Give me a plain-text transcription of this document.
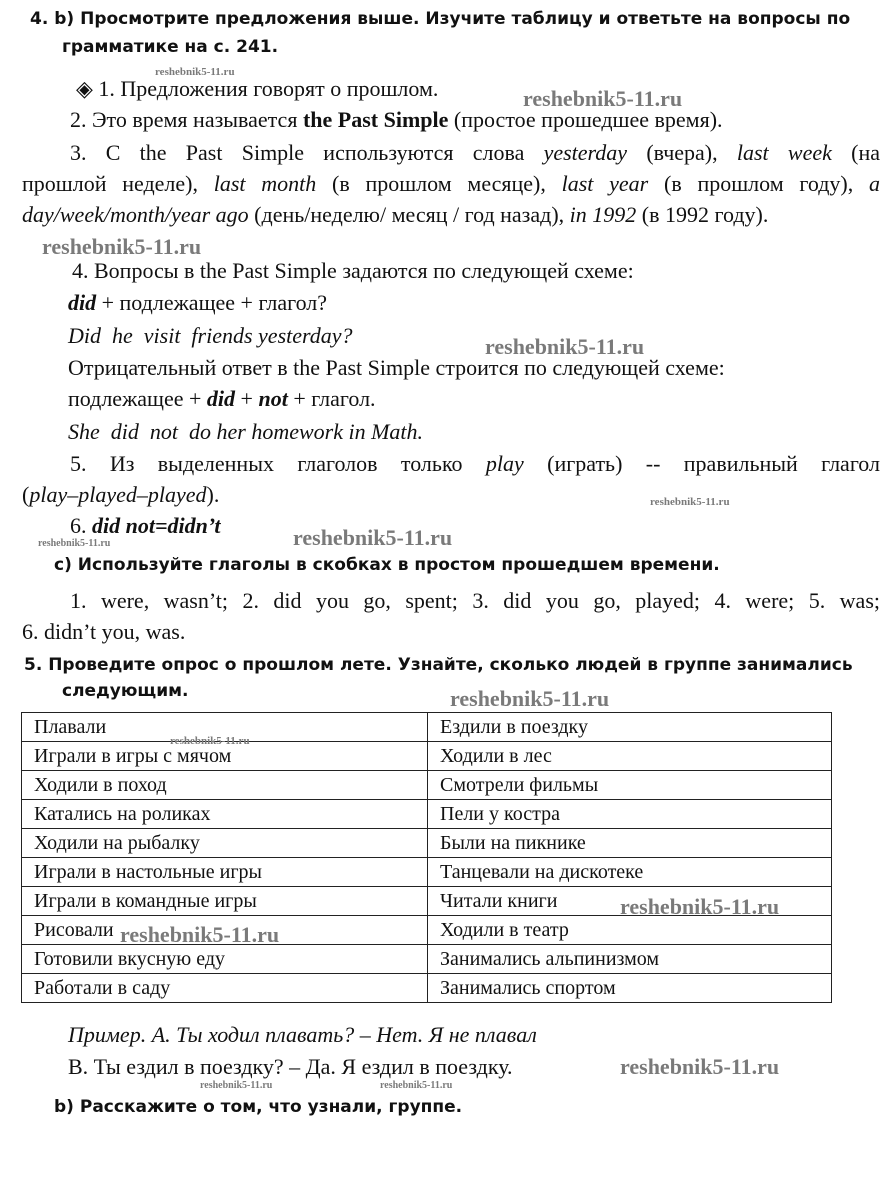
4. b) Просмотрите предложения выше. Изучите таблицу и ответьте на вопросы по
грамматике на с. 241.
◈ 1. Предложения говорят о прошлом.
2. Это время называется the Past Simple (простое прошедшее время).
3. С the Past Simple используются слова yesterday (вчера), last week (на
прошлой неделе), last month (в прошлом месяце), last year (в прошлом году), a
day/week/month/year ago (день/неделю/ месяц / год назад), in 1992 (в 1992 году).
4. Вопросы в the Past Simple задаются по следующей схеме:
did + подлежащее + глагол?
Did  he  visit  friends yesterday?
Отрицательный ответ в the Past Simple строится по следующей схеме:
подлежащее + did + not + глагол.
She  did  not  do her homework in Math.
5. Из выделенных глаголов только play (играть) -- правильный глагол
(play–played–played).
6. did not=didn’t
c) Используйте глаголы в скобках в простом прошедшем времени.
1. were, wasn’t; 2. did you go, spent; 3. did you go, played; 4. were; 5. was;
6. didn’t you, was.
5. Проведите опрос о прошлом лете. Узнайте, сколько людей в группе занимались
следующим.
Плавали	Ездили в поездку
Играли в игры с мячом	Ходили в лес
Ходили в поход	Смотрели фильмы
Катались на роликах	Пели у костра
Ходили на рыбалку	Были на пикнике
Играли в настольные игры	Танцевали на дискотеке
Играли в командные игры	Читали книги
Рисовали	Ходили в театр
Готовили вкусную еду	Занимались альпинизмом
Работали в саду	Занимались спортом
Пример. А. Ты ходил плавать? – Нет. Я не плавал
В. Ты ездил в поездку? – Да. Я ездил в поездку.
b) Расскажите о том, что узнали, группе.
reshebnik5-11.ru
reshebnik5-11.ru
reshebnik5-11.ru
reshebnik5-11.ru
reshebnik5-11.ru
reshebnik5-11.ru
reshebnik5-11.ru
reshebnik5-11.ru
reshebnik5-11.ru
reshebnik5-11.ru
reshebnik5-11.ru
reshebnik5-11.ru
reshebnik5-11.ru	reshebnik5-11.ru
